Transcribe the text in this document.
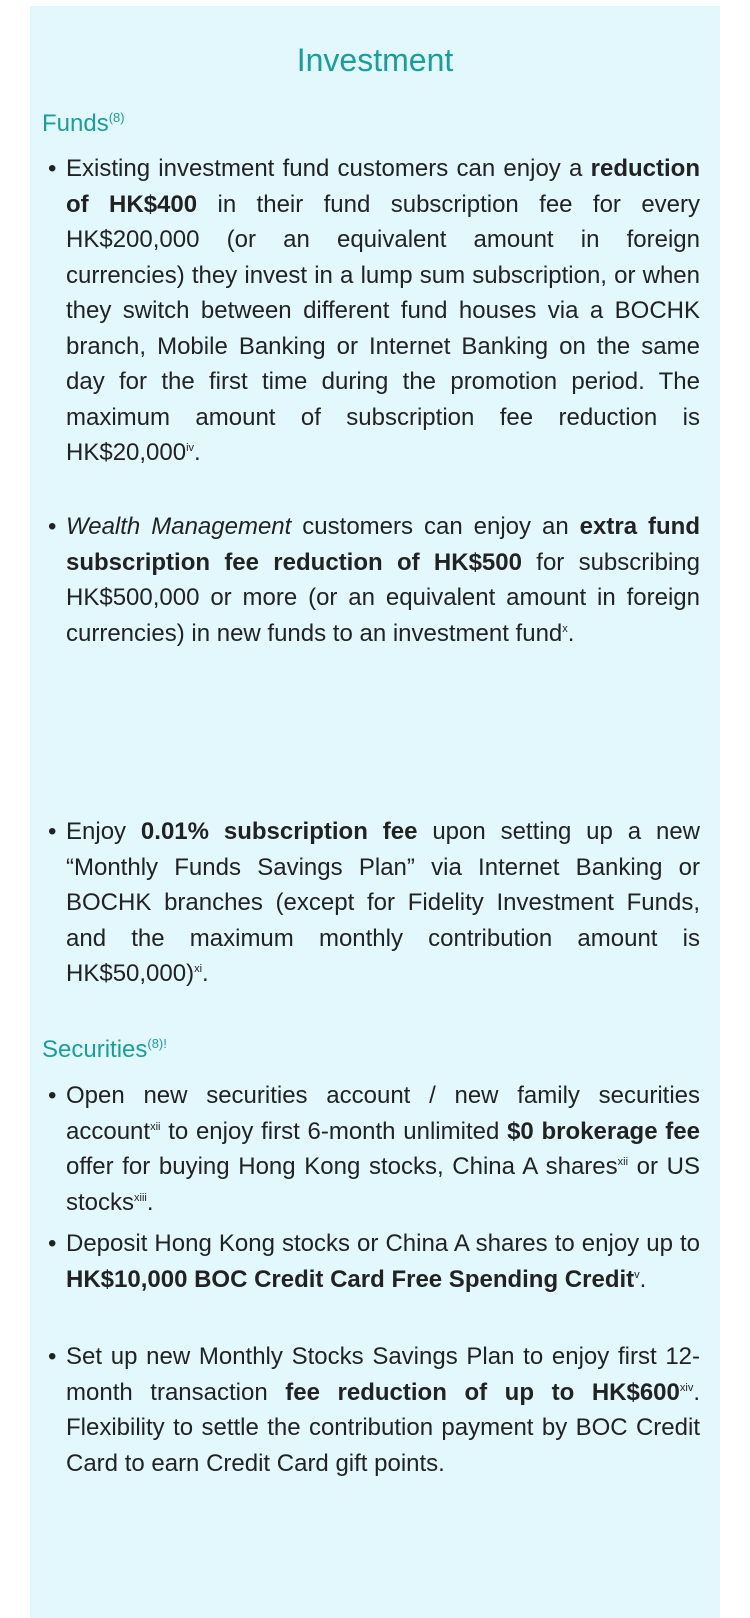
Investment
Funds$^{(8)}$
• Existing investment fund customers can enjoy a reduction of HK$400 in their fund subscription fee for every HK$200,000 (or an equivalent amount in foreign currencies) they invest in a lump sum subscription, or when they switch between different fund houses via a BOCHK branch, Mobile Banking or Internet Banking on the same day for the first time during the promotion period. The maximum amount of subscription fee reduction is HK$20,000$^{iv}$.
• Wealth Management customers can enjoy an extra fund subscription fee reduction of HK$500 for subscribing HK$500,000 or more (or an equivalent amount in foreign currencies) in new funds to an investment fund$^x$.
• Enjoy 0.01% subscription fee upon setting up a new “Monthly Funds Savings Plan” via Internet Banking or BOCHK branches (except for Fidelity Investment Funds, and the maximum monthly contribution amount is HK$50,000)$^{xi}$.
Securities$^{(8)!}$
• Open new securities account / new family securities account$^{xii}$ to enjoy first 6-month unlimited $0 brokerage fee offer for buying Hong Kong stocks, China A shares$^{xii}$ or US stocks$^{xiii}$.
• Deposit Hong Kong stocks or China A shares to enjoy up to HK$10,000 BOC Credit Card Free Spending Credit$^v$.
• Set up new Monthly Stocks Savings Plan to enjoy first 12-month transaction fee reduction of up to HK$600$^{xiv}$. Flexibility to settle the contribution payment by BOC Credit Card to earn Credit Card gift points.
